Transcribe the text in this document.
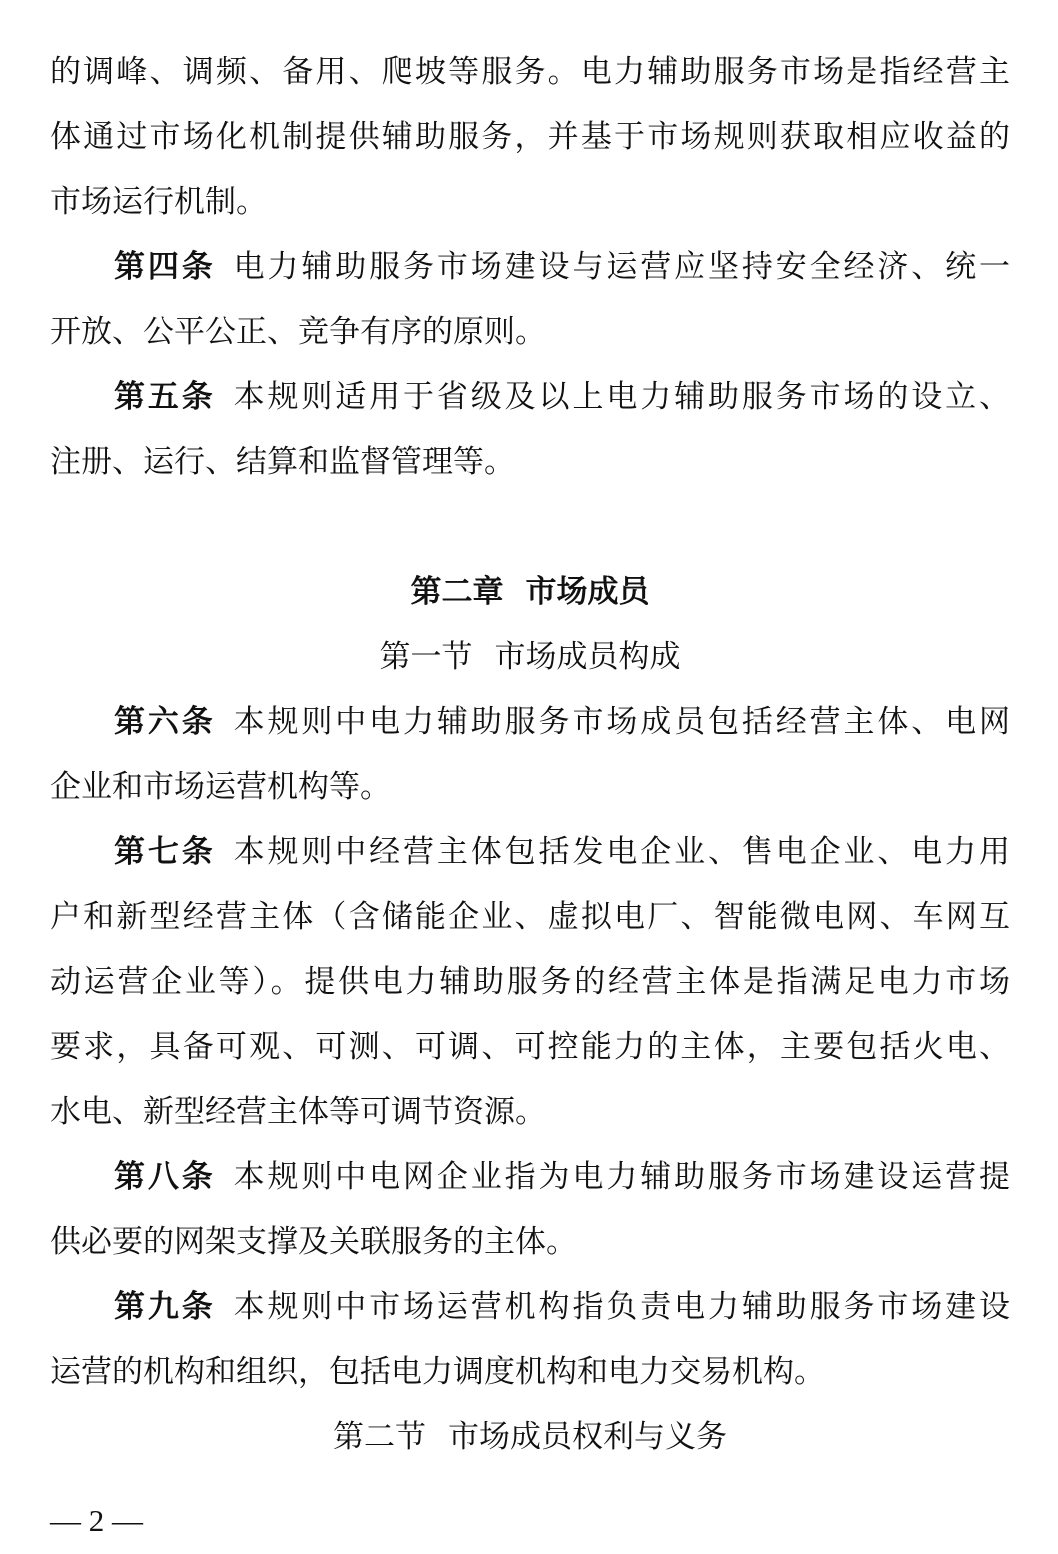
的调峰、调频、备用、爬坡等服务。电力辅助服务市场是指经营主
体通过市场化机制提供辅助服务，并基于市场规则获取相应收益的
市场运行机制。
第四条 电力辅助服务市场建设与运营应坚持安全经济、统一
开放、公平公正、竞争有序的原则。
第五条 本规则适用于省级及以上电力辅助服务市场的设立、
注册、运行、结算和监督管理等。
第二章 市场成员
第一节 市场成员构成
第六条 本规则中电力辅助服务市场成员包括经营主体、电网
企业和市场运营机构等。
第七条 本规则中经营主体包括发电企业、售电企业、电力用
户和新型经营主体（含储能企业、虚拟电厂、智能微电网、车网互
动运营企业等）。提供电力辅助服务的经营主体是指满足电力市场
要求，具备可观、可测、可调、可控能力的主体，主要包括火电、
水电、新型经营主体等可调节资源。
第八条 本规则中电网企业指为电力辅助服务市场建设运营提
供必要的网架支撑及关联服务的主体。
第九条 本规则中市场运营机构指负责电力辅助服务市场建设
运营的机构和组织，包括电力调度机构和电力交易机构。
第二节 市场成员权利与义务
— 2 —
